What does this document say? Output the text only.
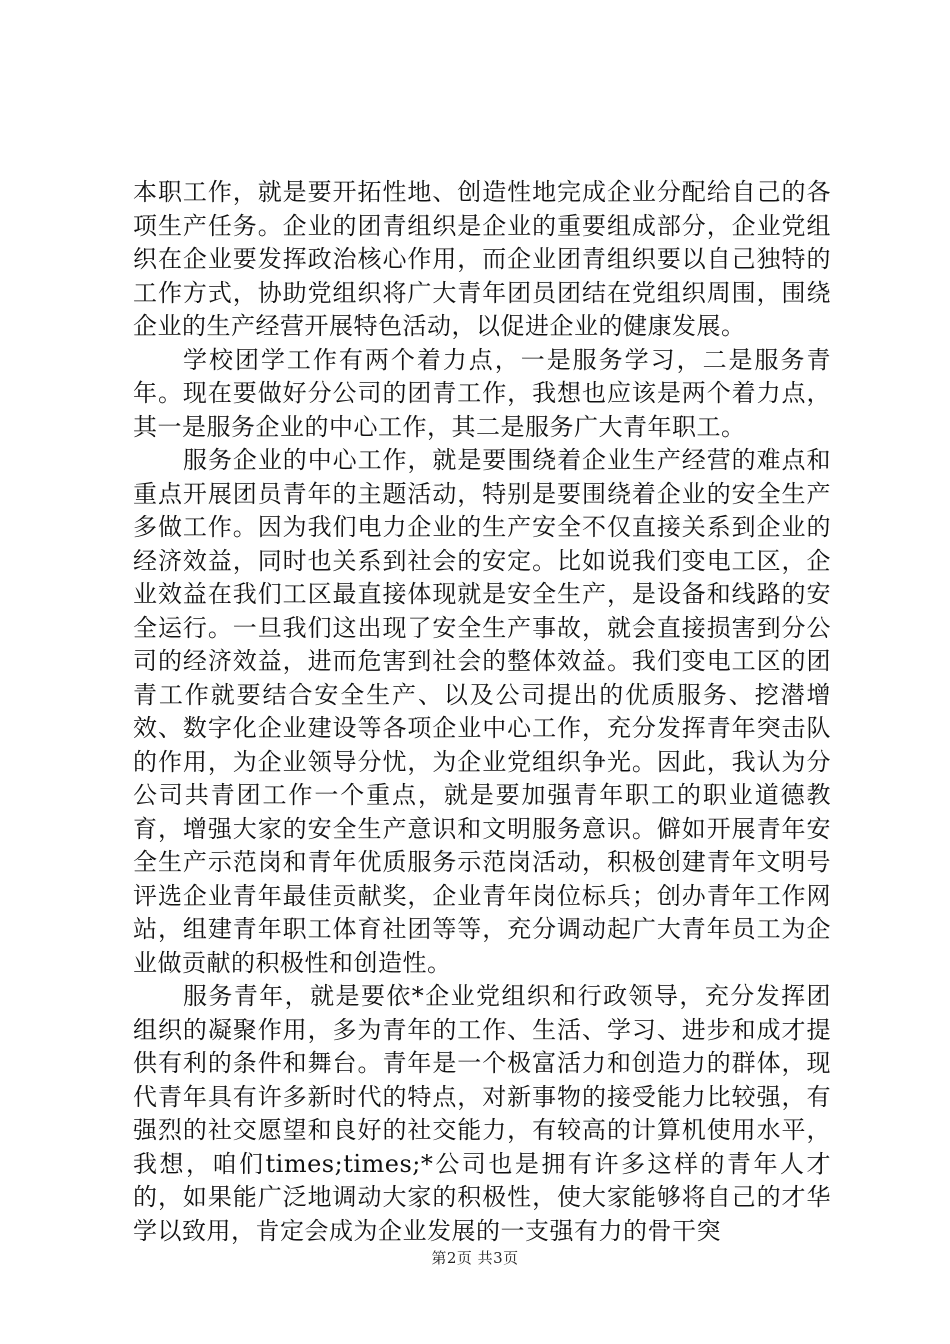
本职工作，就是要开拓性地、创造性地完成企业分配给自己的各项生产任务。企业的团青组织是企业的重要组成部分，企业党组织在企业要发挥政治核心作用，而企业团青组织要以自己独特的工作方式，协助党组织将广大青年团员团结在党组织周围，围绕企业的生产经营开展特色活动，以促进企业的健康发展。

学校团学工作有两个着力点，一是服务学习，二是服务青年。现在要做好分公司的团青工作，我想也应该是两个着力点，其一是服务企业的中心工作，其二是服务广大青年职工。

服务企业的中心工作，就是要围绕着企业生产经营的难点和重点开展团员青年的主题活动，特别是要围绕着企业的安全生产多做工作。因为我们电力企业的生产安全不仅直接关系到企业的经济效益，同时也关系到社会的安定。比如说我们变电工区，企业效益在我们工区最直接体现就是安全生产，是设备和线路的安全运行。一旦我们这出现了安全生产事故，就会直接损害到分公司的经济效益，进而危害到社会的整体效益。我们变电工区的团青工作就要结合安全生产、以及公司提出的优质服务、挖潜增效、数字化企业建设等各项企业中心工作，充分发挥青年突击队的作用，为企业领导分忧，为企业党组织争光。因此，我认为分公司共青团工作一个重点，就是要加强青年职工的职业道德教育，增强大家的安全生产意识和文明服务意识。僻如开展青年安全生产示范岗和青年优质服务示范岗活动，积极创建青年文明号评选企业青年最佳贡献奖，企业青年岗位标兵；创办青年工作网站，组建青年职工体育社团等等，充分调动起广大青年员工为企业做贡献的积极性和创造性。

服务青年，就是要依*企业党组织和行政领导，充分发挥团组织的凝聚作用，多为青年的工作、生活、学习、进步和成才提供有利的条件和舞台。青年是一个极富活力和创造力的群体，现代青年具有许多新时代的特点，对新事物的接受能力比较强，有强烈的社交愿望和良好的社交能力，有较高的计算机使用水平，我想，咱们times;times;*公司也是拥有许多这样的青年人才的，如果能广泛地调动大家的积极性，使大家能够将自己的才华学以致用，肯定会成为企业发展的一支强有力的骨干突

第2页 共3页
